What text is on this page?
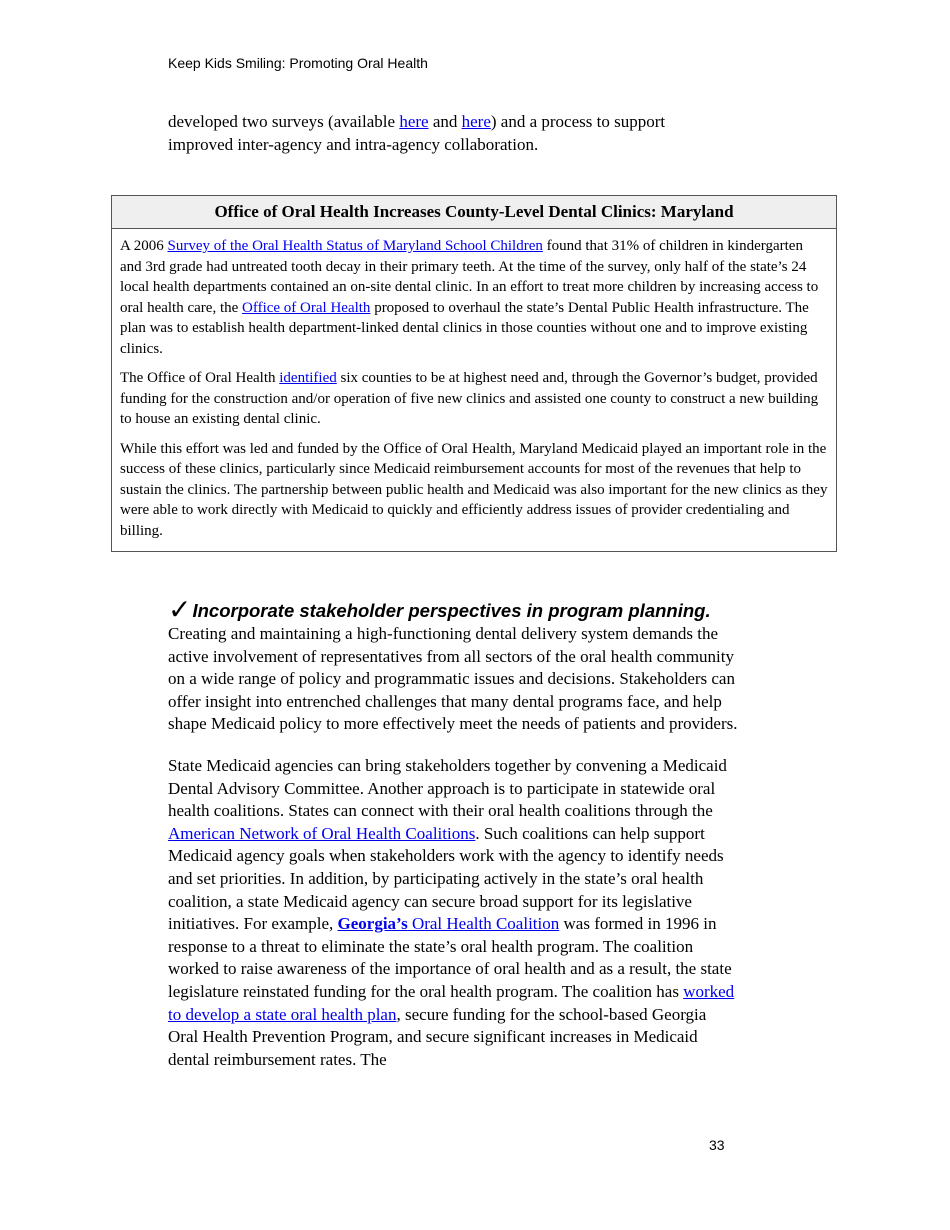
Keep Kids Smiling: Promoting Oral Health
developed two surveys (available here and here) and a process to support improved inter-agency and intra-agency collaboration.
Office of Oral Health Increases County-Level Dental Clinics: Maryland

A 2006 Survey of the Oral Health Status of Maryland School Children found that 31% of children in kindergarten and 3rd grade had untreated tooth decay in their primary teeth. At the time of the survey, only half of the state’s 24 local health departments contained an on-site dental clinic. In an effort to treat more children by increasing access to oral health care, the Office of Oral Health proposed to overhaul the state’s Dental Public Health infrastructure. The plan was to establish health department-linked dental clinics in those counties without one and to improve existing clinics.

The Office of Oral Health identified six counties to be at highest need and, through the Governor’s budget, provided funding for the construction and/or operation of five new clinics and assisted one county to construct a new building to house an existing dental clinic.

While this effort was led and funded by the Office of Oral Health, Maryland Medicaid played an important role in the success of these clinics, particularly since Medicaid reimbursement accounts for most of the revenues that help to sustain the clinics. The partnership between public health and Medicaid was also important for the new clinics as they were able to work directly with Medicaid to quickly and efficiently address issues of provider credentialing and billing.

✓Incorporate stakeholder perspectives in program planning.

Creating and maintaining a high-functioning dental delivery system demands the active involvement of representatives from all sectors of the oral health community on a wide range of policy and programmatic issues and decisions. Stakeholders can offer insight into entrenched challenges that many dental programs face, and help shape Medicaid policy to more effectively meet the needs of patients and providers.

State Medicaid agencies can bring stakeholders together by convening a Medicaid Dental Advisory Committee. Another approach is to participate in statewide oral health coalitions. States can connect with their oral health coalitions through the American Network of Oral Health Coalitions. Such coalitions can help support Medicaid agency goals when stakeholders work with the agency to identify needs and set priorities. In addition, by participating actively in the state’s oral health coalition, a state Medicaid agency can secure broad support for its legislative initiatives. For example, Georgia’s Oral Health Coalition was formed in 1996 in response to a threat to eliminate the state’s oral health program. The coalition worked to raise awareness of the importance of oral health and as a result, the state legislature reinstated funding for the oral health program. The coalition has worked to develop a state oral health plan, secure funding for the school-based Georgia Oral Health Prevention Program, and secure significant increases in Medicaid dental reimbursement rates. The

33
